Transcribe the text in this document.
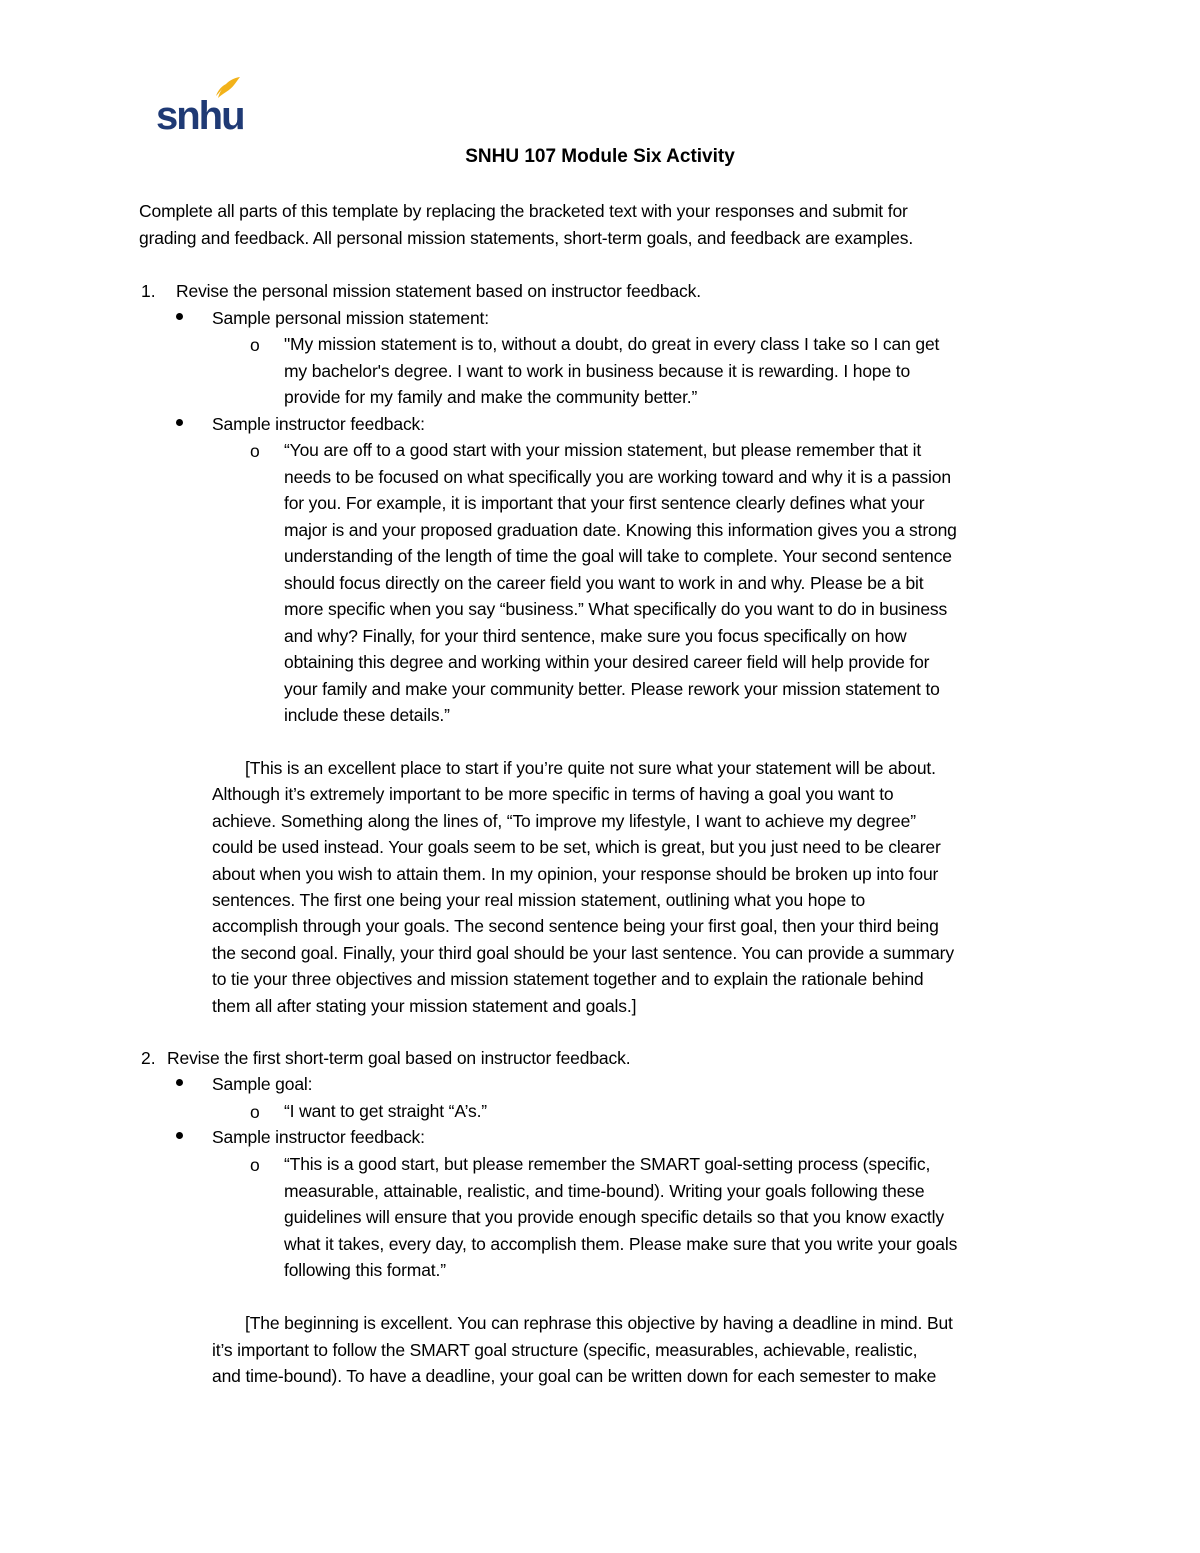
snhu
SNHU 107 Module Six Activity
Complete all parts of this template by replacing the bracketed text with your responses and submit for
grading and feedback. All personal mission statements, short-term goals, and feedback are examples.
1. Revise the personal mission statement based on instructor feedback.
Sample personal mission statement:
o "My mission statement is to, without a doubt, do great in every class I take so I can get
my bachelor's degree. I want to work in business because it is rewarding. I hope to
provide for my family and make the community better.”
Sample instructor feedback:
o “You are off to a good start with your mission statement, but please remember that it
needs to be focused on what specifically you are working toward and why it is a passion
for you. For example, it is important that your first sentence clearly defines what your
major is and your proposed graduation date. Knowing this information gives you a strong
understanding of the length of time the goal will take to complete. Your second sentence
should focus directly on the career field you want to work in and why. Please be a bit
more specific when you say “business.” What specifically do you want to do in business
and why? Finally, for your third sentence, make sure you focus specifically on how
obtaining this degree and working within your desired career field will help provide for
your family and make your community better. Please rework your mission statement to
include these details.”
[This is an excellent place to start if you’re quite not sure what your statement will be about.
Although it’s extremely important to be more specific in terms of having a goal you want to
achieve. Something along the lines of, “To improve my lifestyle, I want to achieve my degree”
could be used instead. Your goals seem to be set, which is great, but you just need to be clearer
about when you wish to attain them. In my opinion, your response should be broken up into four
sentences. The first one being your real mission statement, outlining what you hope to
accomplish through your goals. The second sentence being your first goal, then your third being
the second goal. Finally, your third goal should be your last sentence. You can provide a summary
to tie your three objectives and mission statement together and to explain the rationale behind
them all after stating your mission statement and goals.]
2. Revise the first short-term goal based on instructor feedback.
Sample goal:
o “I want to get straight “A’s.”
Sample instructor feedback:
o “This is a good start, but please remember the SMART goal-setting process (specific,
measurable, attainable, realistic, and time-bound). Writing your goals following these
guidelines will ensure that you provide enough specific details so that you know exactly
what it takes, every day, to accomplish them. Please make sure that you write your goals
following this format.”
[The beginning is excellent. You can rephrase this objective by having a deadline in mind. But
it’s important to follow the SMART goal structure (specific, measurables, achievable, realistic,
and time-bound). To have a deadline, your goal can be written down for each semester to make
